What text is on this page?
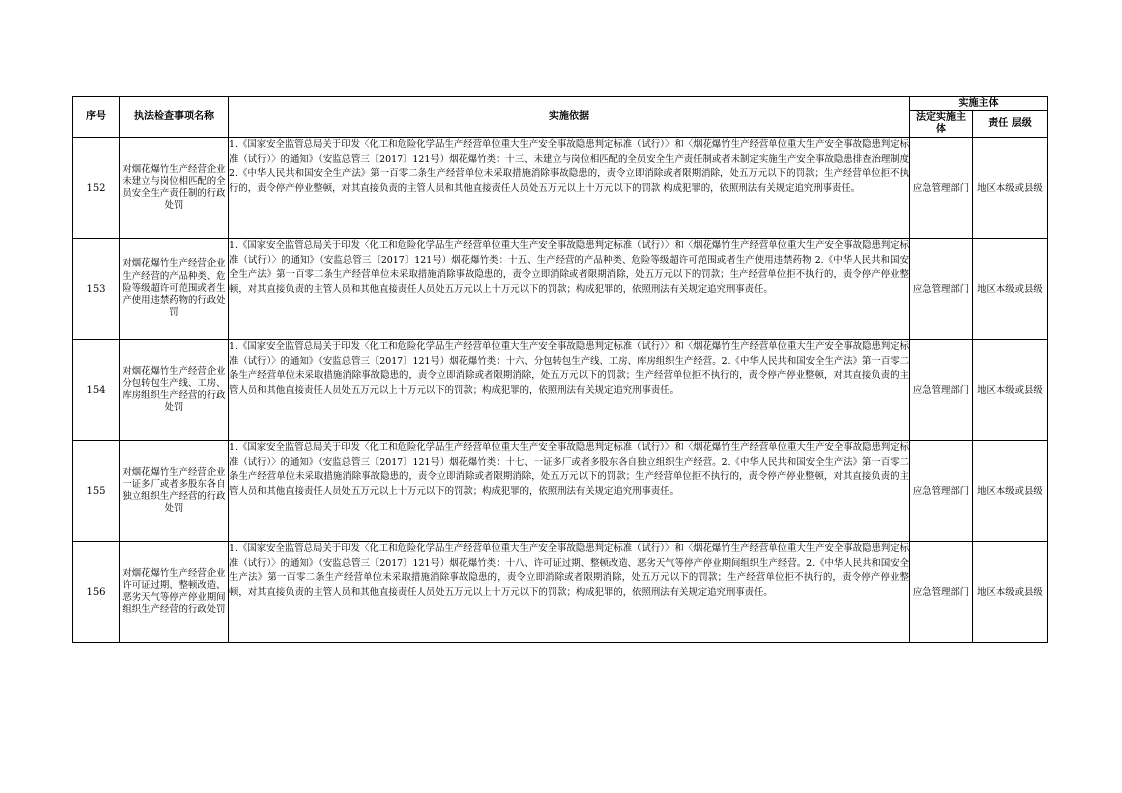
序号	执法检查事项名称	实施依据	实施主体	
			法定实施主体	责任 层级
152	对烟花爆竹生产经营企业未建立与岗位相匹配的全员安全生产责任制的行政处罚	1.《国家安全监管总局关于印发〈化工和危险化学品生产经营单位重大生产安全事故隐患判定标准（试行）〉和〈烟花爆竹生产经营单位重大生产安全事故隐患判定标准（试行）〉的通知》（安监总管三〔2017〕121号）烟花爆竹类：十三、未建立与岗位相匹配的全员安全生产责任制或者未制定实施生产安全事故隐患排查治理制度 2.《中华人民共和国安全生产法》第一百零二条生产经营单位未采取措施消除事故隐患的，责令立即消除或者限期消除，处五万元以下的罚款；生产经营单位拒不执行的，责令停产停业整顿，对其直接负责的主管人员和其他直接责任人员处五万元以上十万元以下的罚款 构成犯罪的，依照刑法有关规定追究刑事责任。	应急管理部门	地区本级或县级
153	对烟花爆竹生产经营企业生产经营的产品种类、危险等级超许可范围或者生产使用违禁药物的行政处罚	1.《国家安全监管总局关于印发〈化工和危险化学品生产经营单位重大生产安全事故隐患判定标准（试行）〉和〈烟花爆竹生产经营单位重大生产安全事故隐患判定标准（试行）〉的通知》（安监总管三〔2017〕121号）烟花爆竹类：十五、生产经营的产品种类、危险等级超许可范围或者生产使用违禁药物 2.《中华人民共和国安全生产法》第一百零二条生产经营单位未采取措施消除事故隐患的，责令立即消除或者限期消除，处五万元以下的罚款；生产经营单位拒不执行的，责令停产停业整顿，对其直接负责的主管人员和其他直接责任人员处五万元以上十万元以下的罚款；构成犯罪的，依照刑法有关规定追究刑事责任。	应急管理部门	地区本级或县级
154	对烟花爆竹生产经营企业分包转包生产线、工房、库房组织生产经营的行政处罚	1.《国家安全监管总局关于印发〈化工和危险化学品生产经营单位重大生产安全事故隐患判定标准（试行）〉和〈烟花爆竹生产经营单位重大生产安全事故隐患判定标准（试行）〉的通知》（安监总管三〔2017〕121号）烟花爆竹类：十六、分包转包生产线、工房、库房组织生产经营。2.《中华人民共和国安全生产法》第一百零二条生产经营单位未采取措施消除事故隐患的，责令立即消除或者限期消除，处五万元以下的罚款；生产经营单位拒不执行的，责令停产停业整顿，对其直接负责的主管人员和其他直接责任人员处五万元以上十万元以下的罚款；构成犯罪的，依照刑法有关规定追究刑事责任。	应急管理部门	地区本级或县级
155	对烟花爆竹生产经营企业一证多厂或者多股东各自独立组织生产经营的行政处罚	1.《国家安全监管总局关于印发〈化工和危险化学品生产经营单位重大生产安全事故隐患判定标准（试行）〉和〈烟花爆竹生产经营单位重大生产安全事故隐患判定标准（试行）〉的通知》（安监总管三〔2017〕121号）烟花爆竹类：十七、一证多厂或者多股东各自独立组织生产经营。2.《中华人民共和国安全生产法》第一百零二条生产经营单位未采取措施消除事故隐患的，责令立即消除或者限期消除，处五万元以下的罚款；生产经营单位拒不执行的，责令停产停业整顿，对其直接负责的主管人员和其他直接责任人员处五万元以上十万元以下的罚款；构成犯罪的，依照刑法有关规定追究刑事责任。	应急管理部门	地区本级或县级
156	对烟花爆竹生产经营企业许可证过期、整顿改造、恶劣天气等停产停业期间组织生产经营的行政处罚	1.《国家安全监管总局关于印发〈化工和危险化学品生产经营单位重大生产安全事故隐患判定标准（试行）〉和〈烟花爆竹生产经营单位重大生产安全事故隐患判定标准（试行）〉的通知》（安监总管三〔2017〕121号）烟花爆竹类：十八、许可证过期、整顿改造、恶劣天气等停产停业期间组织生产经营。2.《中华人民共和国安全生产法》第一百零二条生产经营单位未采取措施消除事故隐患的，责令立即消除或者限期消除，处五万元以下的罚款；生产经营单位拒不执行的，责令停产停业整顿，对其直接负责的主管人员和其他直接责任人员处五万元以上十万元以下的罚款；构成犯罪的，依照刑法有关规定追究刑事责任。	应急管理部门	地区本级或县级
